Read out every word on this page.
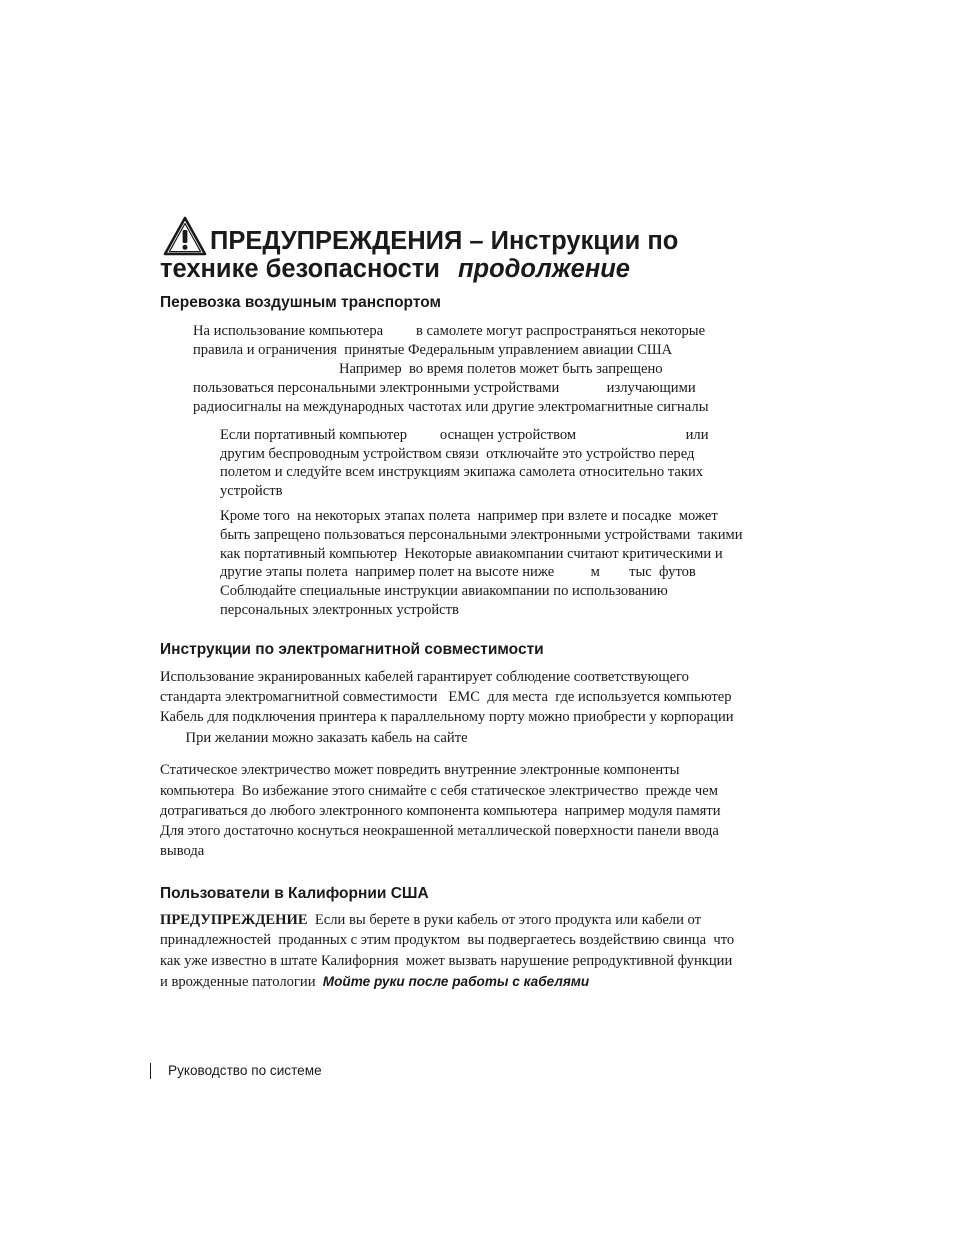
ПРЕДУПРЕЖДЕНИЯ – Инструкции по
технике безопасности продолжение
Перевозка воздушным транспортом

На использование компьютера         в самолете могут распространяться некоторые

правила и ограничения  принятые Федеральным управлением авиации США

Например  во время полетов может быть запрещено

пользоваться персональными электронными устройствами             излучающими

радиосигналы на международных частотах или другие электромагнитные сигналы

Если портативный компьютер         оснащен устройством                              или

другим беспроводным устройством связи  отключайте это устройство перед

полетом и следуйте всем инструкциям экипажа самолета относительно таких

устройств

Кроме того  на некоторых этапах полета  например при взлете и посадке  может

быть запрещено пользоваться персональными электронными устройствами  такими

как портативный компьютер  Некоторые авиакомпании считают критическими и

другие этапы полета  например полет на высоте ниже          м        тыс  футов

Соблюдайте специальные инструкции авиакомпании по использованию

персональных электронных устройств

Инструкции по электромагнитной совместимости

Использование экранированных кабелей гарантирует соблюдение соответствующего

стандарта электромагнитной совместимости   EMC  для места  где используется компьютер

Кабель для подключения принтера к параллельному порту можно приобрести у корпорации

При желании можно заказать кабель на сайте

Статическое электричество может повредить внутренние электронные компоненты

компьютера  Во избежание этого снимайте с себя статическое электричество  прежде чем

дотрагиваться до любого электронного компонента компьютера  например модуля памяти

Для этого достаточно коснуться неокрашенной металлической поверхности панели ввода

вывода

Пользователи в Калифорнии США

ПРЕДУПРЕЖДЕНИЕ  Если вы берете в руки кабель от этого продукта или кабели от

принадлежностей  проданных с этим продуктом  вы подвергаетесь воздействию свинца  что

как уже известно в штате Калифорния  может вызвать нарушение репродуктивной функции

и врожденные патологии  Мойте руки после работы с кабелями

Руководство по системе
